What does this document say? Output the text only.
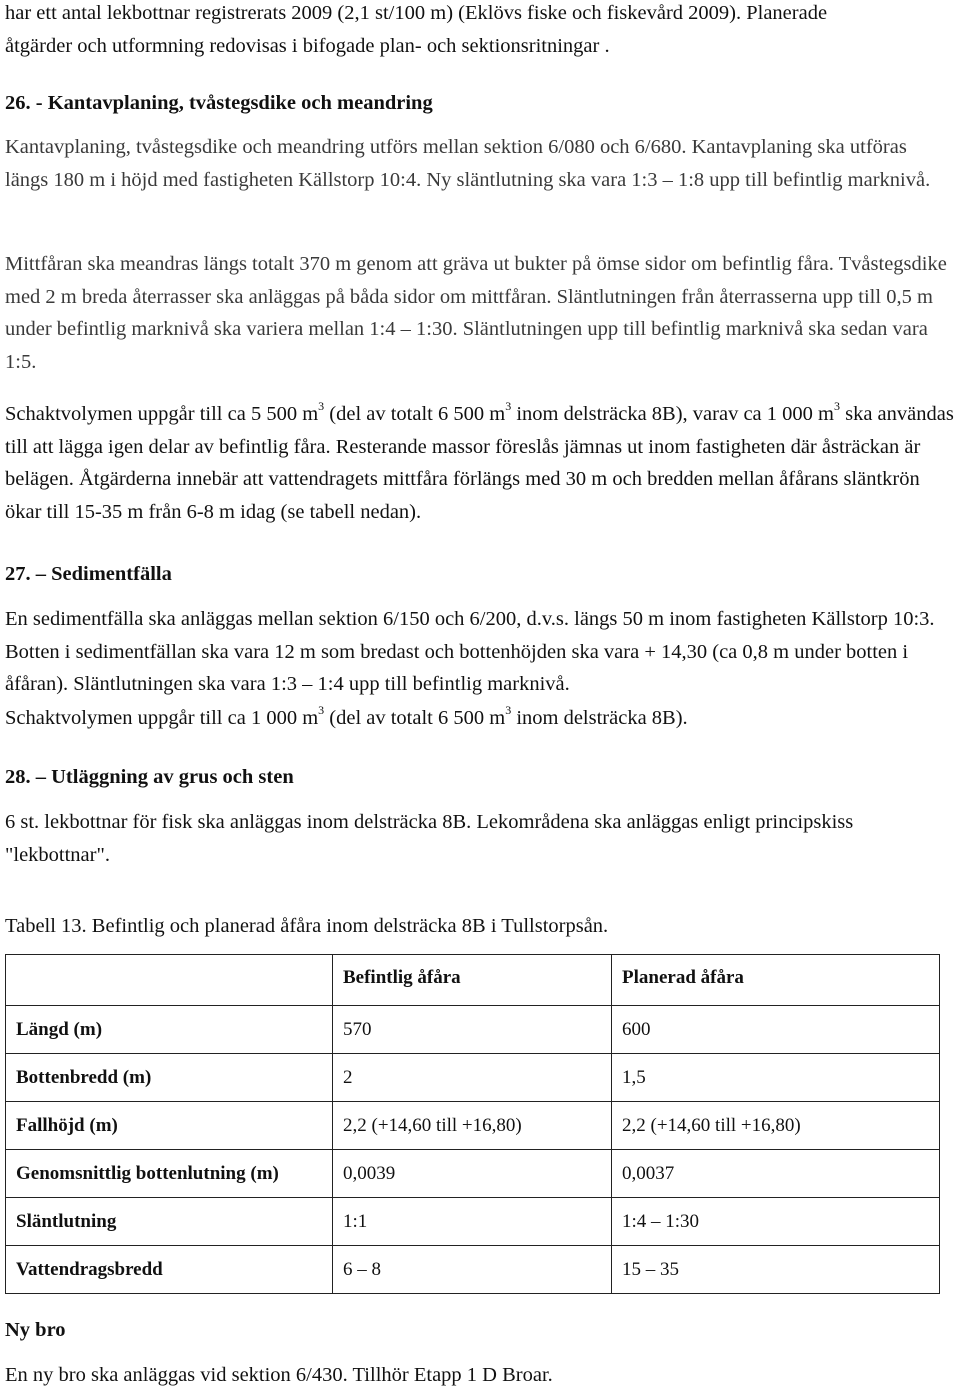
har ett antal lekbottnar registrerats 2009 (2,1 st/100 m) (Eklövs fiske och fiskevård 2009). Planerade
åtgärder och utformning redovisas i bifogade plan- och sektionsritningar .

26. - Kantavplaning, tvåstegsdike och meandring

Kantavplaning, tvåstegsdike och meandring utförs mellan sektion 6/080 och 6/680. Kantavplaning ska utföras längs 180 m i höjd med fastigheten Källstorp 10:4. Ny släntlutning ska vara 1:3 – 1:8 upp till befintlig marknivå.

Mittfåran ska meandras längs totalt 370 m genom att gräva ut bukter på ömse sidor om befintlig fåra. Tvåstegsdike med 2 m breda återrasser ska anläggas på båda sidor om mittfåran. Släntlutningen från återrasserna upp till 0,5 m under befintlig marknivå ska variera mellan 1:4 – 1:30. Släntlutningen upp till befintlig marknivå ska sedan vara 1:5.

Schaktvolymen uppgår till ca 5 500 $m^3$ (del av totalt 6 500 $m^3$ inom delsträcka 8B), varav ca 1 000 $m^3$ ska användas till att lägga igen delar av befintlig fåra. Resterande massor föreslås jämnas ut inom fastigheten där åsträckan är belägen. Åtgärderna innebär att vattendragets mittfåra förlängs med 30 m och bredden mellan åfårans släntkrön ökar till 15-35 m från 6-8 m idag (se tabell nedan).

27. – Sedimentfälla

En sedimentfälla ska anläggas mellan sektion 6/150 och 6/200, d.v.s. längs 50 m inom fastigheten Källstorp 10:3. Botten i sedimentfällan ska vara 12 m som bredast och bottenhöjden ska vara + 14,30 (ca 0,8 m under botten i åfåran). Släntlutningen ska vara 1:3 – 1:4 upp till befintlig marknivå.

Schaktvolymen uppgår till ca 1 000 $m^3$ (del av totalt 6 500 $m^3$ inom delsträcka 8B).

28. – Utläggning av grus och sten

6 st. lekbottnar för fisk ska anläggas inom delsträcka 8B. Lekområdena ska anläggas enligt principskiss "lekbottnar".

Tabell 13. Befintlig och planerad åfåra inom delsträcka 8B i Tullstorpsån.

	Befintlig åfåra	Planerad åfåra
Längd (m)	570	600
Bottenbredd (m)	2	1,5
Fallhöjd (m)	2,2 (+14,60 till +16,80)	2,2 (+14,60 till +16,80)
Genomsnittlig bottenlutning (m)	0,0039	0,0037
Släntlutning	1:1	1:4 – 1:30
Vattendragsbredd	6 – 8	15 – 35

Ny bro

En ny bro ska anläggas vid sektion 6/430. Tillhör Etapp 1 D Broar.
